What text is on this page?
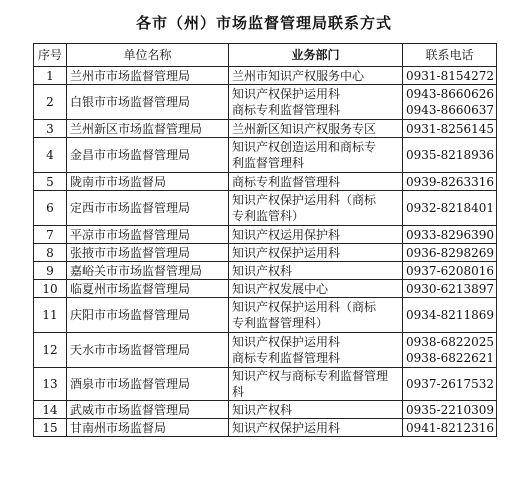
各市（州）市场监督管理局联系方式
序号	单位名称	业务部门	联系电话
1	兰州市市场监督管理局	兰州市知识产权服务中心	0931-8154272

2	白银市市场监督管理局	知识产权保护运用科
商标专利监督管理科	0943-8660626
0943-8660637

3	兰州新区市场监督管理局	兰州新区知识产权服务专区	0931-8256145

4	金昌市市场监督管理局	知识产权创造运用和商标专
利监督管理科	0935-8218936

5	陇南市市场监督局	商标专利监督管理科	0939-8263316

6	定西市市场监督管理局	知识产权保护运用科（商标
专利监管科）	0932-8218401

7	平凉市市场监督管理局	知识产权运用保护科	0933-8296390

8	张掖市市场监督管理局	知识产权保护运用科	0936-8298269

9	嘉峪关市市场监督管理局	知识产权科	0937-6208016

10	临夏州市场监督管理局	知识产权发展中心	0930-6213897

11	庆阳市市场监督管理局	知识产权保护运用科（商标
专利监督管理科）	0934-8211869

12	天水市市场监督管理局	知识产权保护运用科
商标专利监督管理科	0938-6822025
0938-6822621

13	酒泉市市场监督管理局	知识产权与商标专利监督管理科	0937-2617532

14	武威市市场监督管理局	知识产权科	0935-2210309

15	甘南州市场监督局	知识产权保护运用科	0941-8212316
